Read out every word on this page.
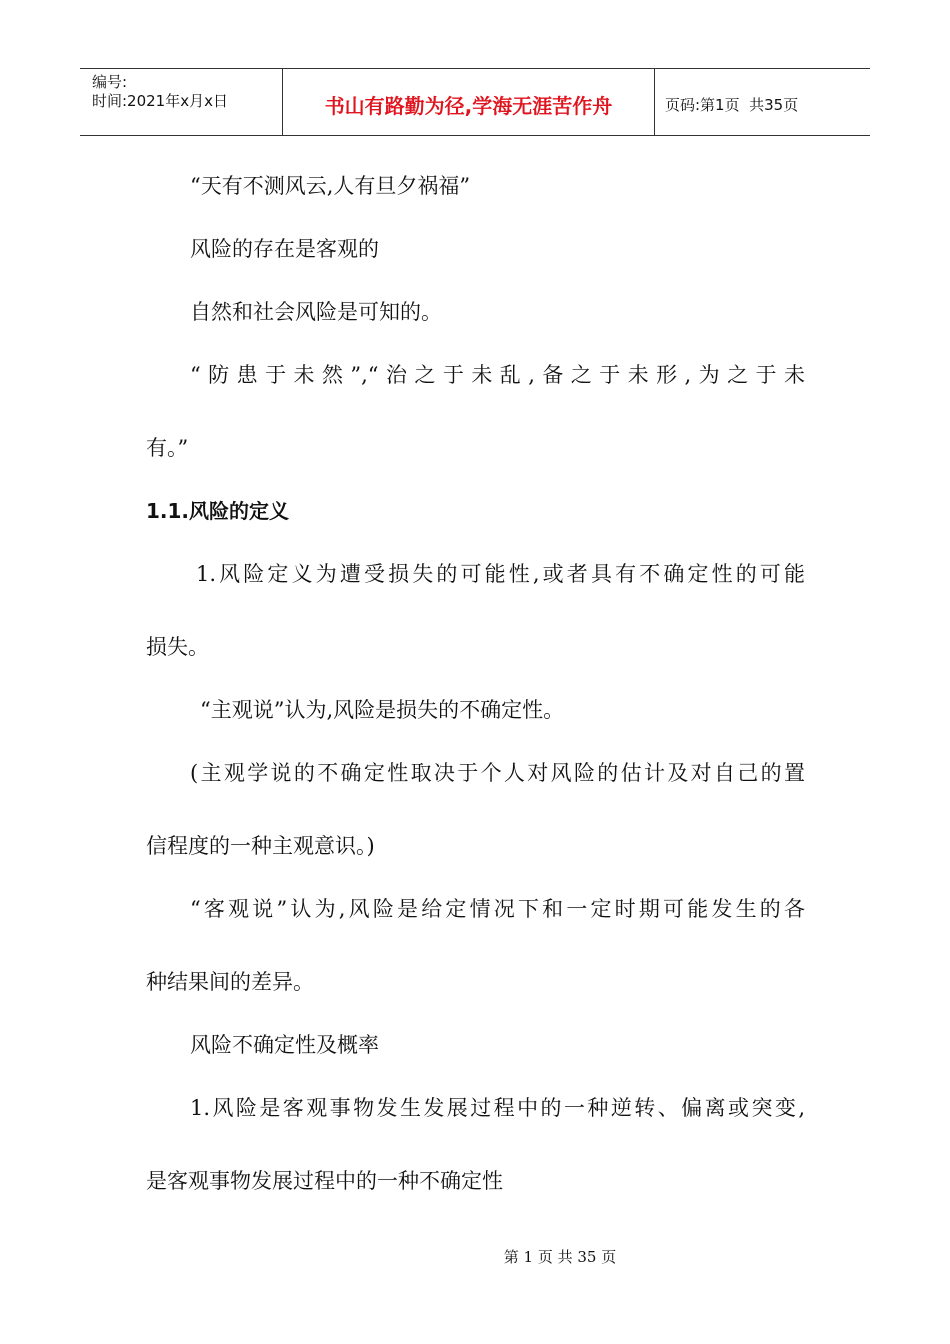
编号:
时间:2021年x月x日	书山有路勤为径,学海无涯苦作舟	页码:第1页  共35页
“天有不测风云,人有旦夕祸福”
风险的存在是客观的
自然和社会风险是可知的。
“防患于未然”,“治之于未乱,备之于未形,为之于未
有。”
1.1.风险的定义
1.风险定义为遭受损失的可能性,或者具有不确定性的可能
损失。
“主观说”认为,风险是损失的不确定性。
(主观学说的不确定性取决于个人对风险的估计及对自己的置
信程度的一种主观意识。)
“客观说”认为,风险是给定情况下和一定时期可能发生的各
种结果间的差异。
风险不确定性及概率
1.风险是客观事物发生发展过程中的一种逆转、偏离或突变,
是客观事物发展过程中的一种不确定性
第 1 页 共 35 页
